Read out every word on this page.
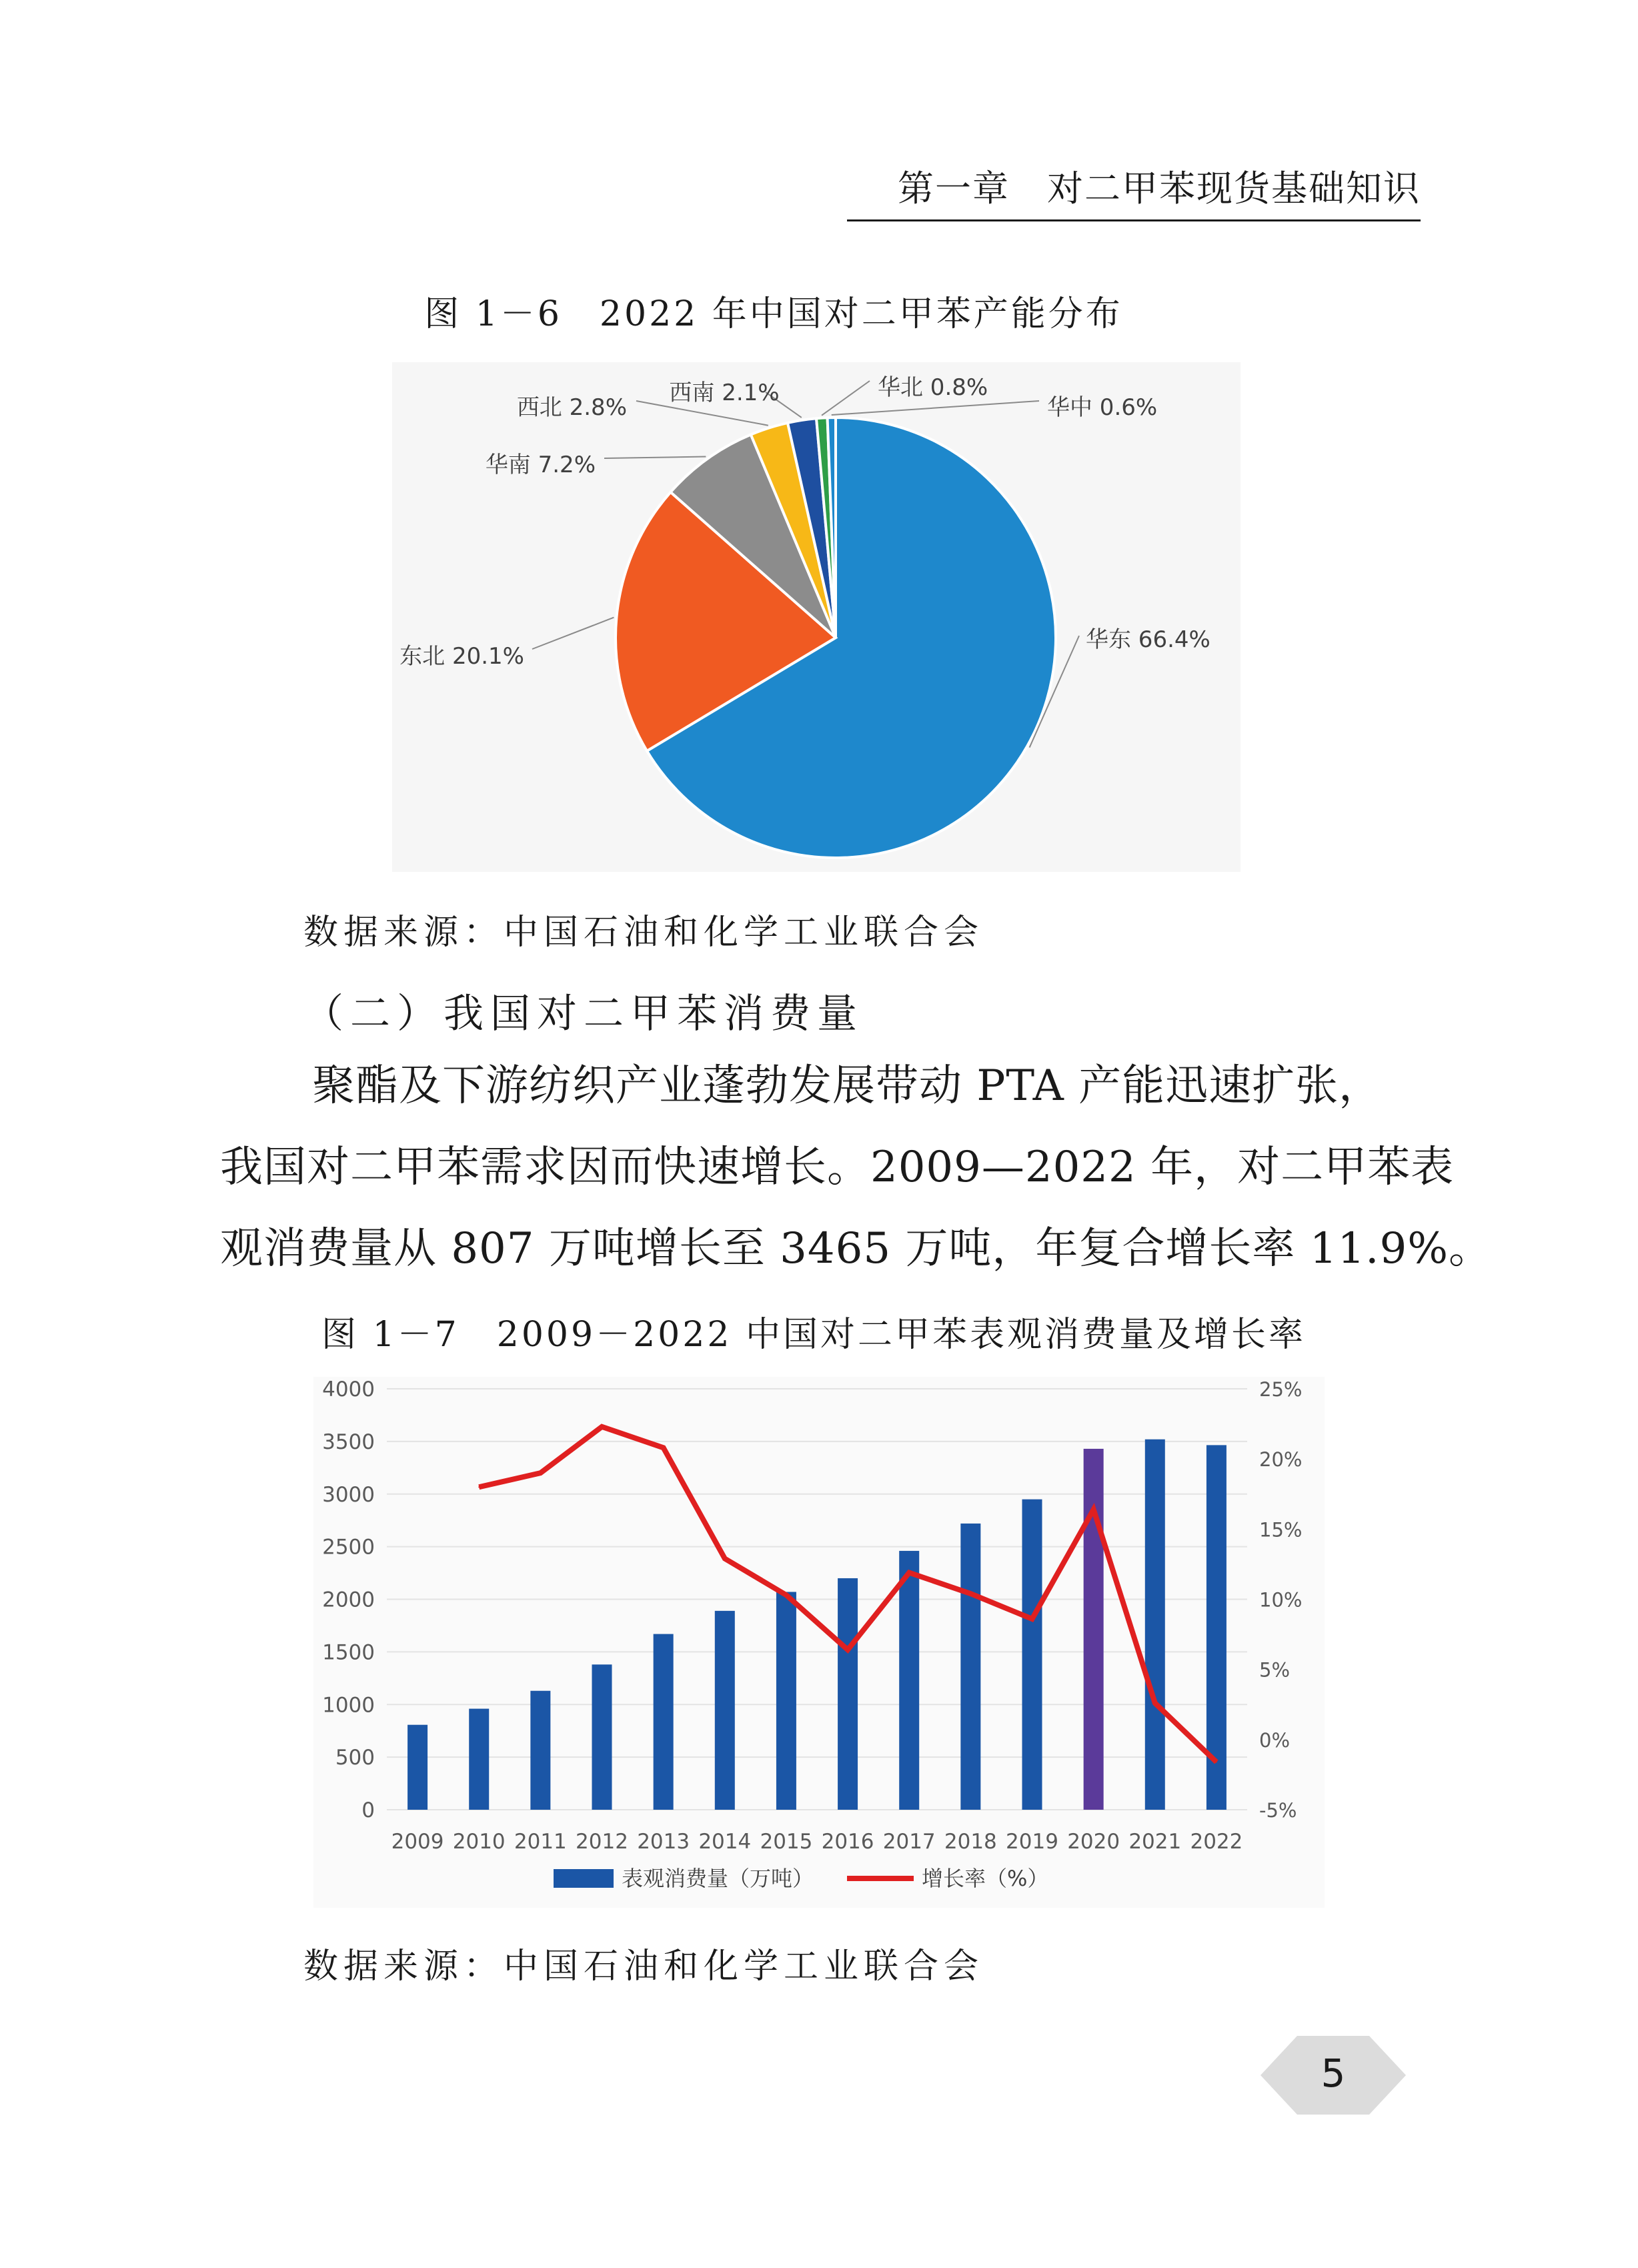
第一章　对二甲苯现货基础知识
图 1－6　2022 年中国对二甲苯产能分布
华东 66.4%
东北 20.1%
华南 7.2%
西北 2.8%
西南 2.1%	华北 0.8%
华中 0.6%
数据来源：中国石油和化学工业联合会
（二）我国对二甲苯消费量
聚酯及下游纺织产业蓬勃发展带动 PTA 产能迅速扩张，
我国对二甲苯需求因而快速增长。2009—2022 年，对二甲苯表
观消费量从 807 万吨增长至 3465 万吨，年复合增长率 11.9%。
图 1－7　2009－2022 中国对二甲苯表观消费量及增长率
0
500
1000
1500
2000
2500
3000
3500
4000
-5%
0%
5%
10%
15%
20%
25%
2009 2010 2011 2012 2013 2014 2015 2016 2017 2018 2019 2020 2021 2022
表观消费量（万吨）	增长率（%）
数据来源：中国石油和化学工业联合会
5
